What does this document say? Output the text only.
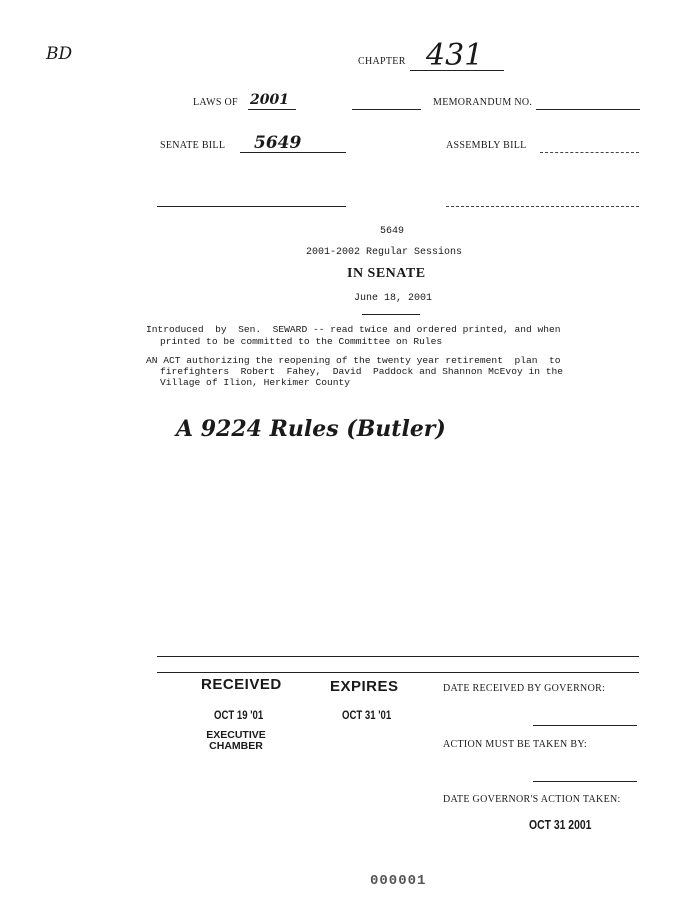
BD	CHAPTER 431
LAWS OF 2001	MEMORANDUM NO.
SENATE BILL 5649	ASSEMBLY BILL
5649
2001-2002 Regular Sessions
IN SENATE
June 18, 2001
Introduced  by  Sen.  SEWARD -- read twice and ordered printed, and when
printed to be committed to the Committee on Rules
AN ACT authorizing the reopening of the twenty year retirement  plan  to
firefighters  Robert  Fahey,  David  Paddock and Shannon McEvoy in the
Village of Ilion, Herkimer County
A 9224 Rules (Butler)
RECEIVED
OCT 19 '01
EXECUTIVE
CHAMBER
EXPIRES
OCT 31 '01
DATE RECEIVED BY GOVERNOR:
ACTION MUST BE TAKEN BY:
DATE GOVERNOR'S ACTION TAKEN:
OCT 31 2001
000001
